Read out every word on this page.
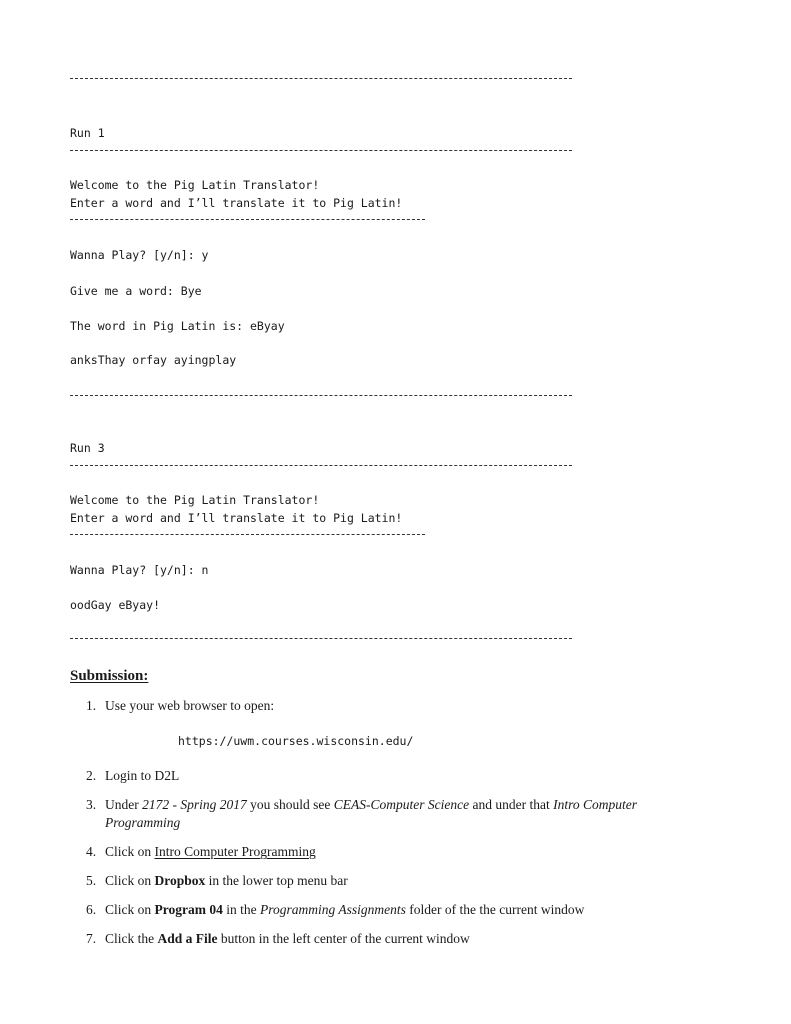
Run 1
Welcome to the Pig Latin Translator!
Enter a word and I’ll translate it to Pig Latin!
Wanna Play? [y/n]: y
Give me a word: Bye
The word in Pig Latin is: eByay
anksThay orfay ayingplay
Run 3
Welcome to the Pig Latin Translator!
Enter a word and I’ll translate it to Pig Latin!
Wanna Play? [y/n]: n
oodGay eByay!
Submission:
1. Use your web browser to open:
https://uwm.courses.wisconsin.edu/
2. Login to D2L
3. Under 2172 - Spring 2017 you should see CEAS-Computer Science and under that Intro Computer
Programming
4. Click on Intro Computer Programming
5. Click on Dropbox in the lower top menu bar
6. Click on Program 04 in the Programming Assignments folder of the the current window
7. Click the Add a File button in the left center of the current window
